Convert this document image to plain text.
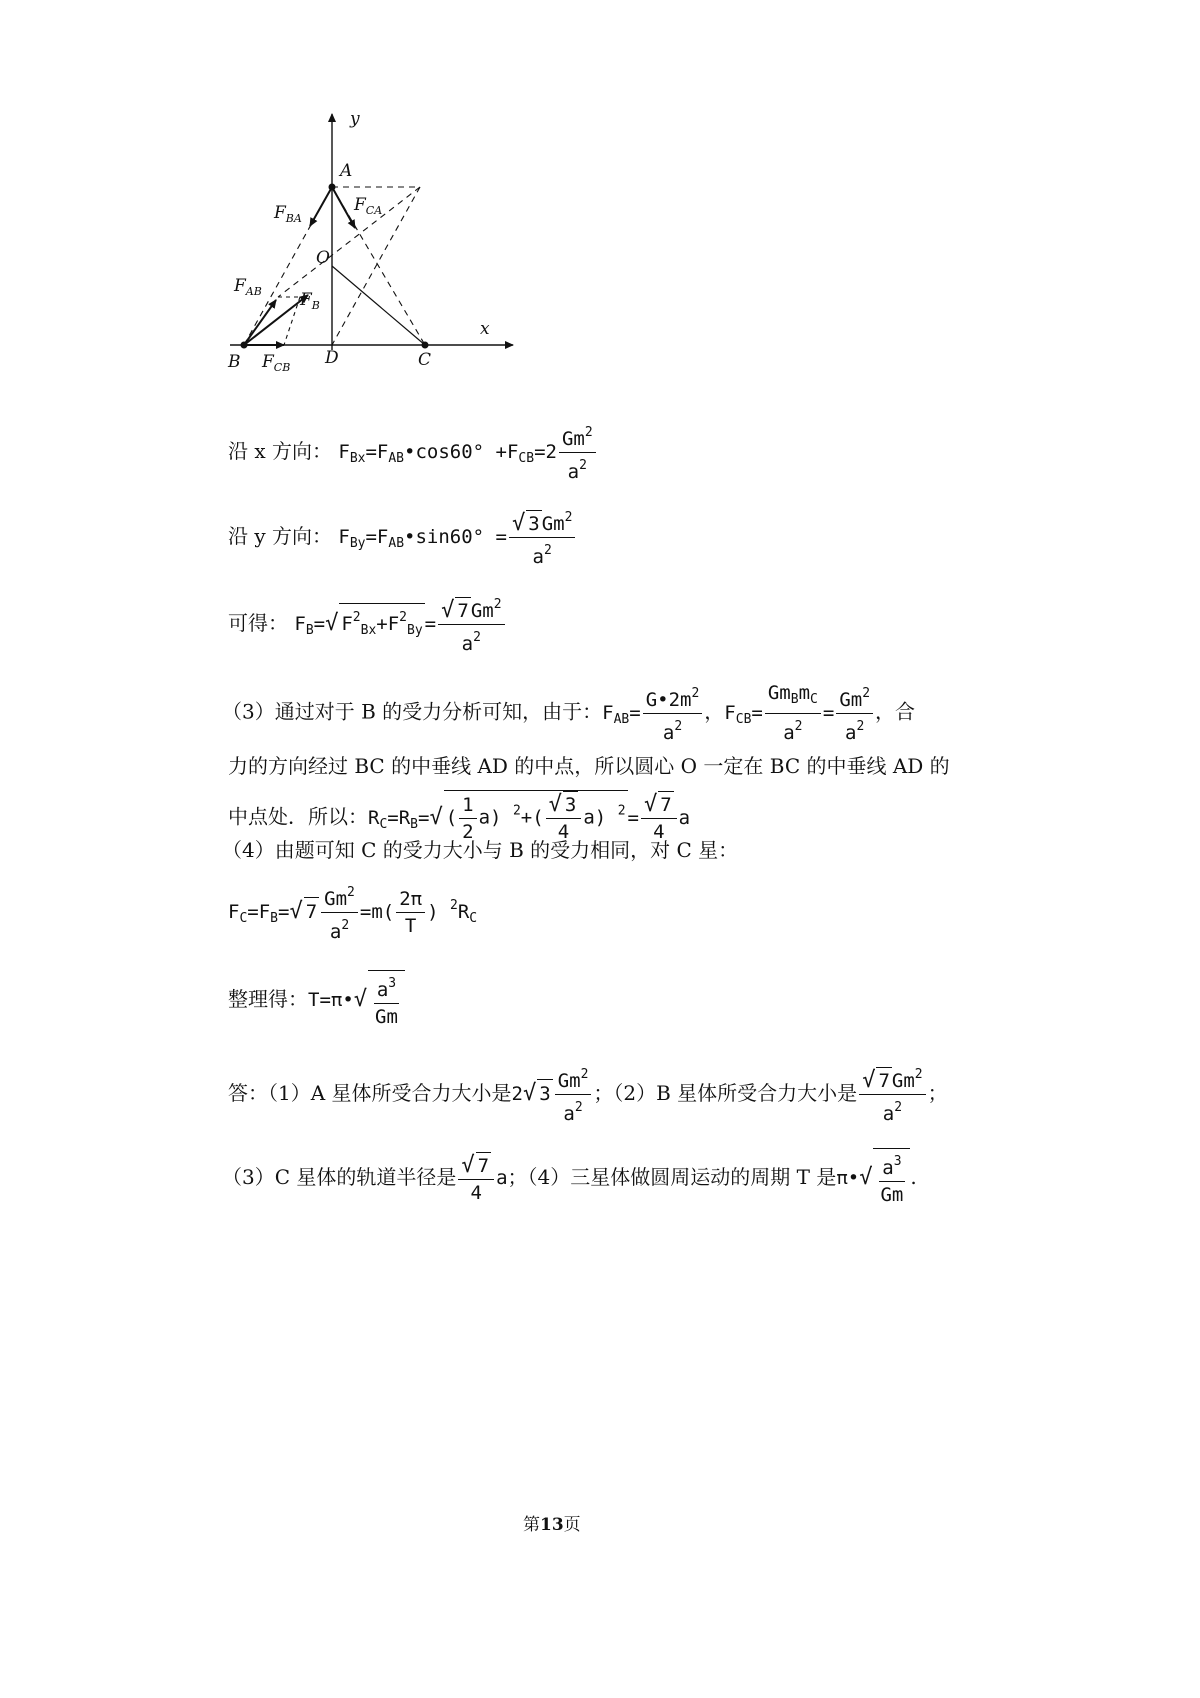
y
x
A
O
B	D	C
$F_{BA}$
$F_{CA}$
$F_{AB}$ $F_B$
$F_{CB}$
沿 x 方向： $F_{Bx}=F_{AB}•\cos 60^\circ +F_{CB}=2 \frac{Gm^2}{a^2}$
沿 y 方向： $F_{By}=F_{AB}•\sin 60^\circ = \frac{√ 3 Gm^2}{a^2}$
可得： $F_B=√$ $F^2_{Bx}+F^2_{By} = \frac{√ 7 Gm^2}{a^2}$
（3）通过对于 B 的受力分析可知，由于：$F_{AB}= \frac{G•2m^2}{a^2}$ ，$F_{CB}= \frac{Gm_Bm_C}{a^2} = \frac{Gm^2}{a^2}$ ，合
力的方向经过 BC 的中垂线 AD 的中点，所以圆心 O 一定在 BC 的中垂线 AD 的
中点处．所以：$R_C=R_B=√$ ( $\frac{1}{2} a$) $^2+( \frac{√ 3}{4} a)$ $^2 = \frac{√ 7}{4}$ a
（4）由题可知 C 的受力大小与 B 的受力相同，对 C 星：
$F_C=F_B=√$ $7 \frac{Gm^2}{a^2} =m( \frac{2\pi}{T}$ ) $^2R_C$
整理得：T=π•√ $\frac{a^3}{Gm}$
答：（1）A 星体所受合力大小是2√ $3 \frac{Gm^2}{a^2}$ ；（2）B 星体所受合力大小是 $\frac{√ 7 Gm^2}{a^2}$ ；
（3）C 星体的轨道半径是 $\frac{√ 7}{4}$ a；（4）三星体做圆周运动的周期 T 是π•√ $\frac{a^3}{Gm}$ .
第13页
